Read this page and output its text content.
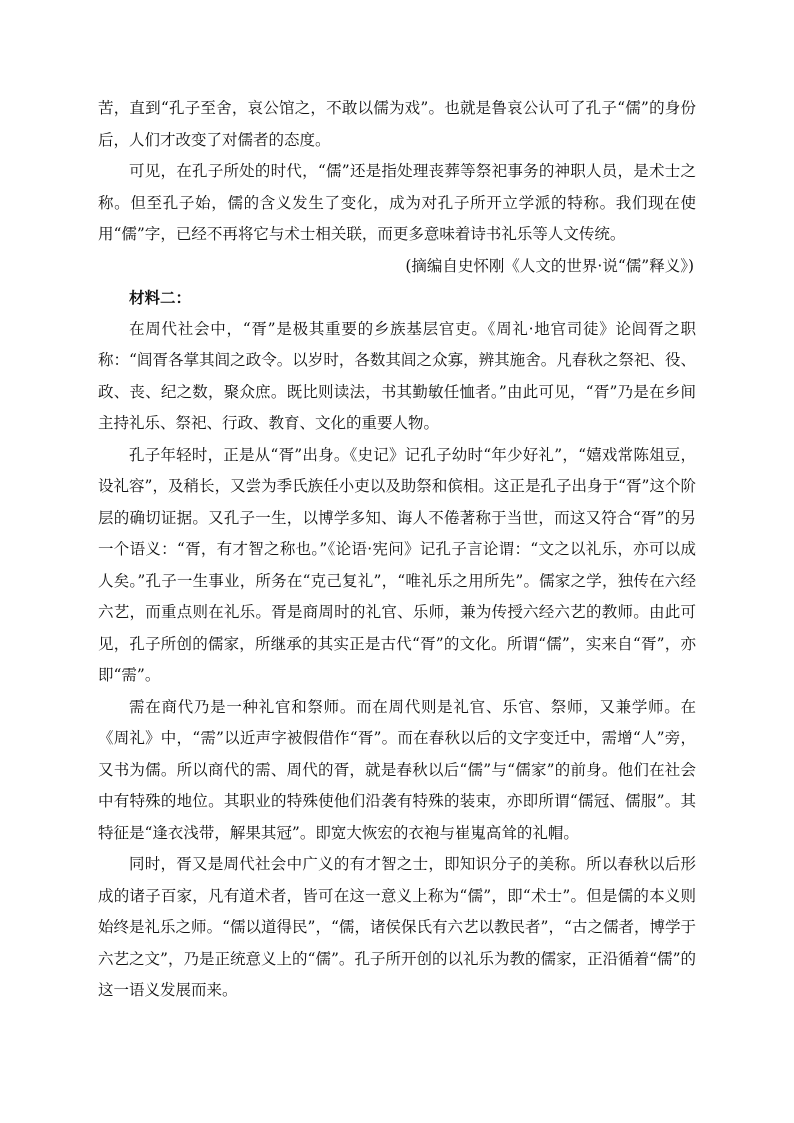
苦，直到“孔子至舍，哀公馆之，不敢以儒为戏”。也就是鲁哀公认可了孔子“儒”的身份后，人们才改变了对儒者的态度。

可见，在孔子所处的时代，“儒”还是指处理丧葬等祭祀事务的神职人员，是术士之称。但至孔子始，儒的含义发生了变化，成为对孔子所开立学派的特称。我们现在使用“儒”字，已经不再将它与术士相关联，而更多意味着诗书礼乐等人文传统。

(摘编自史怀刚《人文的世界·说“儒”释义》)

材料二：

在周代社会中，“胥”是极其重要的乡族基层官吏。《周礼·地官司徒》论闾胥之职称：“闾胥各掌其闾之政令。以岁时，各数其闾之众寡，辨其施舍。凡春秋之祭祀、役、政、丧、纪之数，聚众庶。既比则读法，书其勤敏任恤者。”由此可见，“胥”乃是在乡间主持礼乐、祭祀、行政、教育、文化的重要人物。

孔子年轻时，正是从“胥”出身。《史记》记孔子幼时“年少好礼”，“嬉戏常陈俎豆，设礼容”，及稍长，又尝为季氏族任小吏以及助祭和傧相。这正是孔子出身于“胥”这个阶层的确切证据。又孔子一生，以博学多知、诲人不倦著称于当世，而这又符合“胥”的另一个语义：“胥，有才智之称也。”《论语·宪问》记孔子言论谓：“文之以礼乐，亦可以成人矣。”孔子一生事业，所务在“克己复礼”，“唯礼乐之用所先”。儒家之学，独传在六经六艺，而重点则在礼乐。胥是商周时的礼官、乐师，兼为传授六经六艺的教师。由此可见，孔子所创的儒家，所继承的其实正是古代“胥”的文化。所谓“儒”，实来自“胥”，亦即“需”。

需在商代乃是一种礼官和祭师。而在周代则是礼官、乐官、祭师，又兼学师。在《周礼》中，“需”以近声字被假借作“胥”。而在春秋以后的文字变迁中，需增“人”旁，又书为儒。所以商代的需、周代的胥，就是春秋以后“儒”与“儒家”的前身。他们在社会中有特殊的地位。其职业的特殊使他们沿袭有特殊的装束，亦即所谓“儒冠、儒服”。其特征是“逢衣浅带，解果其冠”。即宽大恢宏的衣袍与崔嵬高耸的礼帽。

同时，胥又是周代社会中广义的有才智之士，即知识分子的美称。所以春秋以后形成的诸子百家，凡有道术者，皆可在这一意义上称为“儒”，即“术士”。但是儒的本义则始终是礼乐之师。“儒以道得民”，“儒，诸侯保氏有六艺以教民者”，“古之儒者，博学于六艺之文”，乃是正统意义上的“儒”。孔子所开创的以礼乐为教的儒家，正沿循着“儒”的这一语义发展而来。
